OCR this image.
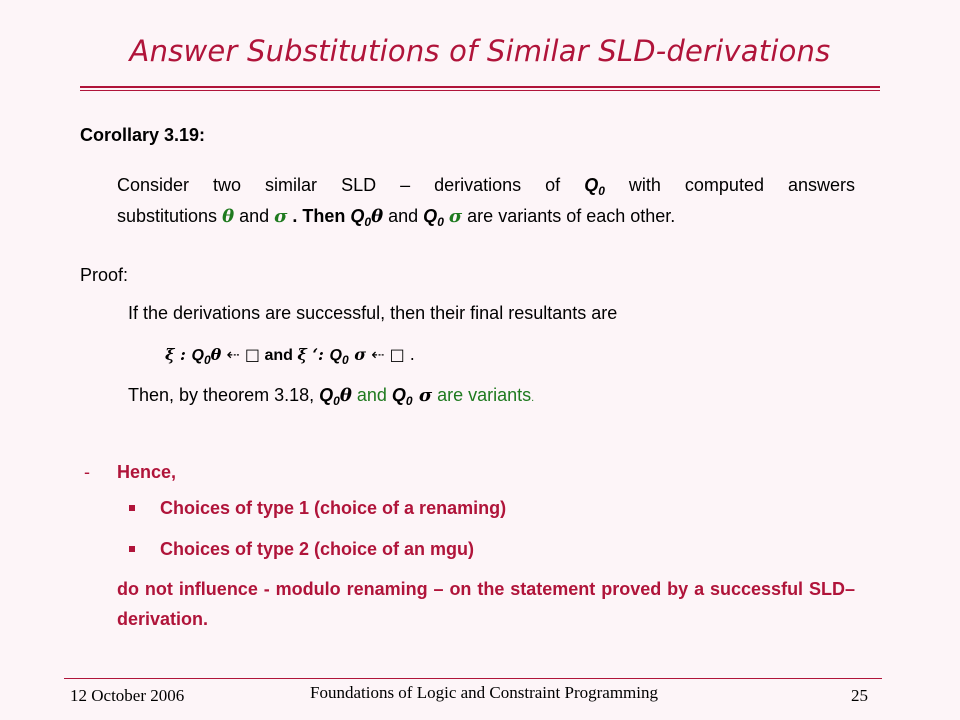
Answer Substitutions of Similar SLD-derivations
Corollary 3.19:
Consider two similar SLD – derivations of $Q_0$ with computed answers
substitutions θ and σ . Then $Q_0\theta$ and $Q_0$ σ are variants of each other.
Proof:
If the derivations are successful, then their final resultants are
ξ : $Q_0\theta$ ⇠ □ and ξ ‘: $Q_0$ σ ⇠ □ .
Then, by theorem 3.18, $Q_0\theta$ and $Q_0$ σ are variants.
- Hence,
Choices of type 1 (choice of a renaming)
Choices of type 2 (choice of an mgu)
do not influence - modulo renaming – on the statement proved by a successful SLD–derivation.
12 October 2006	Foundations of Logic and Constraint Programming	25
